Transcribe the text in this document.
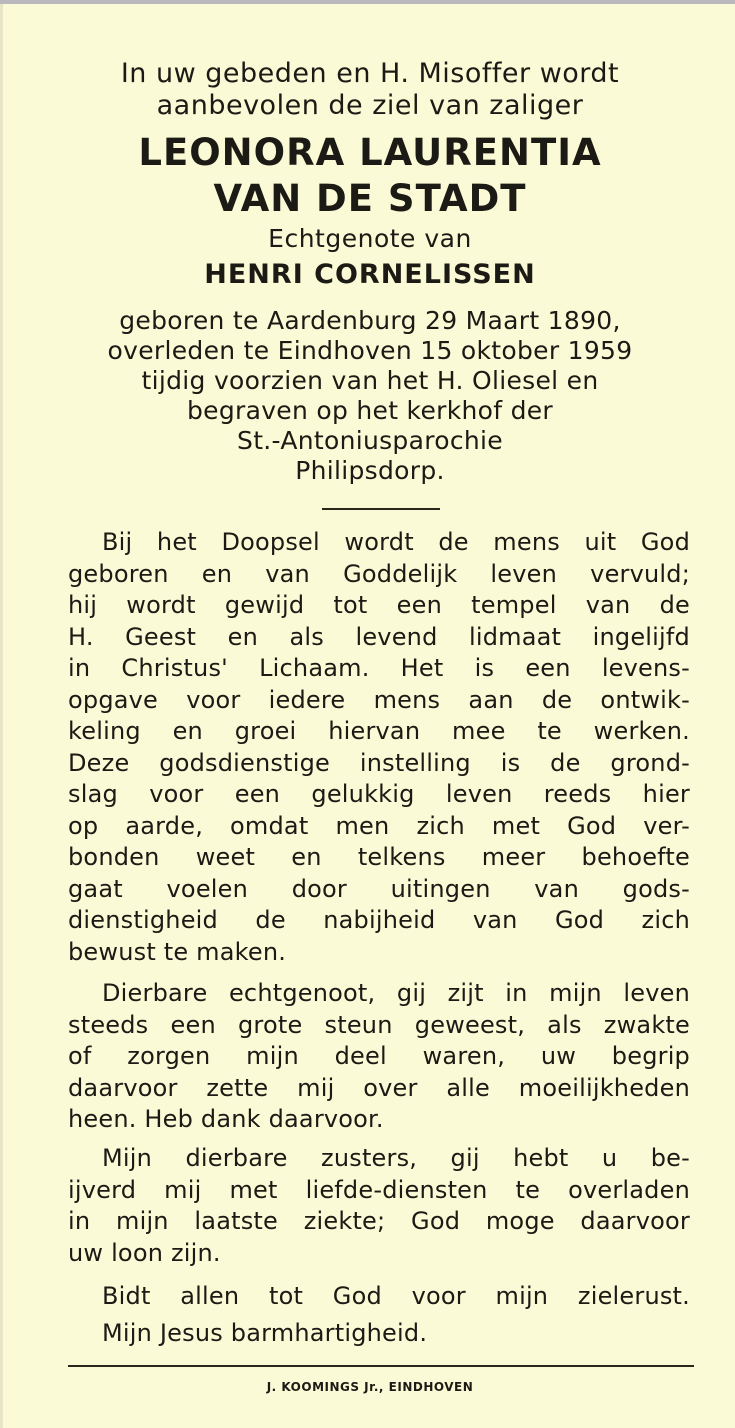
In uw gebeden en H. Misoffer wordt
aanbevolen de ziel van zaliger

LEONORA LAURENTIA
VAN DE STADT

Echtgenote van

HENRI CORNELISSEN

geboren te Aardenburg 29 Maart 1890,
overleden te Eindhoven 15 oktober 1959
tijdig voorzien van het H. Oliesel en
begraven op het kerkhof der
St.-Antoniusparochie
Philipsdorp.

Bij het Doopsel wordt de mens uit God
geboren en van Goddelijk leven vervuld;
hij wordt gewijd tot een tempel van de
H. Geest en als levend lidmaat ingelijfd
in Christus' Lichaam. Het is een levens-
opgave voor iedere mens aan de ontwik-
keling en groei hiervan mee te werken.
Deze godsdienstige instelling is de grond-
slag voor een gelukkig leven reeds hier
op aarde, omdat men zich met God ver-
bonden weet en telkens meer behoefte
gaat voelen door uitingen van gods-
dienstigheid de nabijheid van God zich
bewust te maken.
Dierbare echtgenoot, gij zijt in mijn leven
steeds een grote steun geweest, als zwakte
of zorgen mijn deel waren, uw begrip
daarvoor zette mij over alle moeilijkheden
heen. Heb dank daarvoor.
Mijn dierbare zusters, gij hebt u be-
ijverd mij met liefde-diensten te overladen
in mijn laatste ziekte; God moge daarvoor
uw loon zijn.
Bidt allen tot God voor mijn zielerust.
Mijn Jesus barmhartigheid.

J. KOOMINGS Jr., EINDHOVEN
